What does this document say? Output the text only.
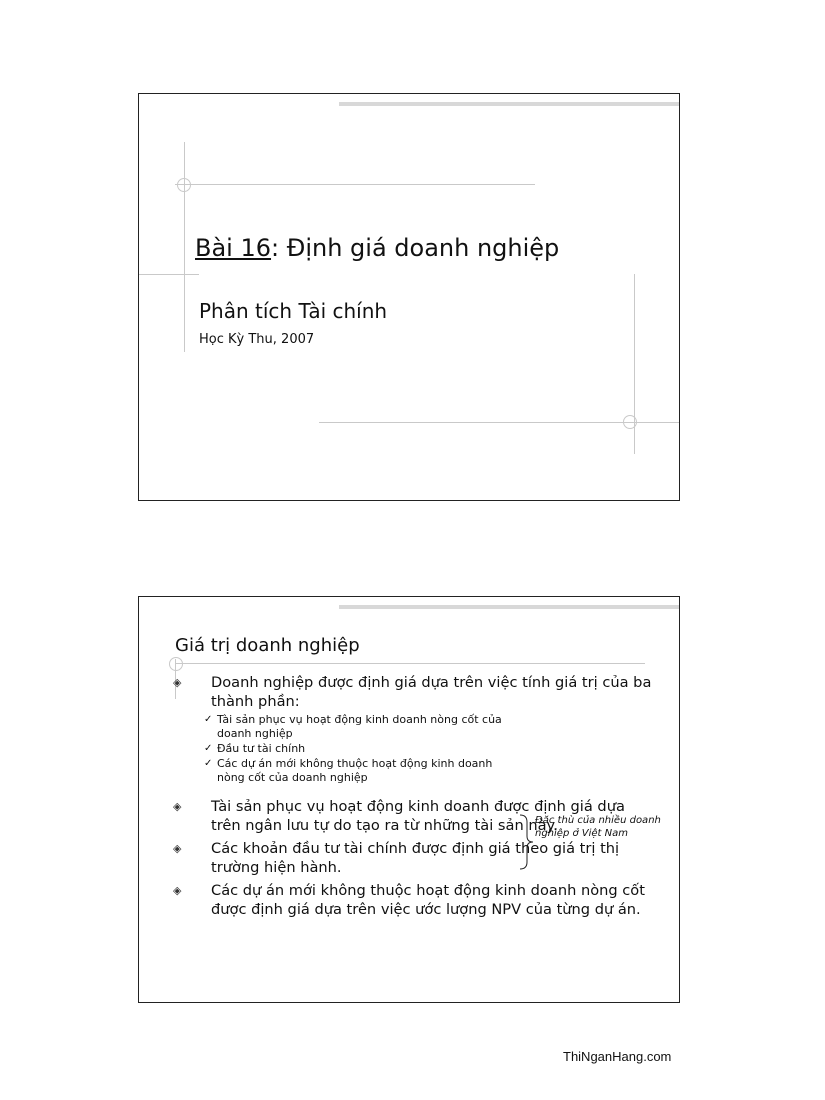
Bài 16: Định giá doanh nghiệp
Phân tích Tài chính
Học Kỳ Thu, 2007
Giá trị doanh nghiệp
◈ Doanh nghiệp được định giá dựa trên việc tính giá trị của ba thành phần:
✓ Tài sản phục vụ hoạt động kinh doanh nòng cốt của doanh nghiệp
✓ Đầu tư tài chính
✓ Các dự án mới không thuộc hoạt động kinh doanh nòng cốt của doanh nghiệp
Đặc thù của nhiều doanh nghiệp ở Việt Nam
◈ Tài sản phục vụ hoạt động kinh doanh được định giá dựa trên ngân lưu tự do tạo ra từ những tài sản này.
◈ Các khoản đầu tư tài chính được định giá theo giá trị thị trường hiện hành.
◈ Các dự án mới không thuộc hoạt động kinh doanh nòng cốt được định giá dựa trên việc ước lượng NPV của từng dự án.
ThiNganHang.com
